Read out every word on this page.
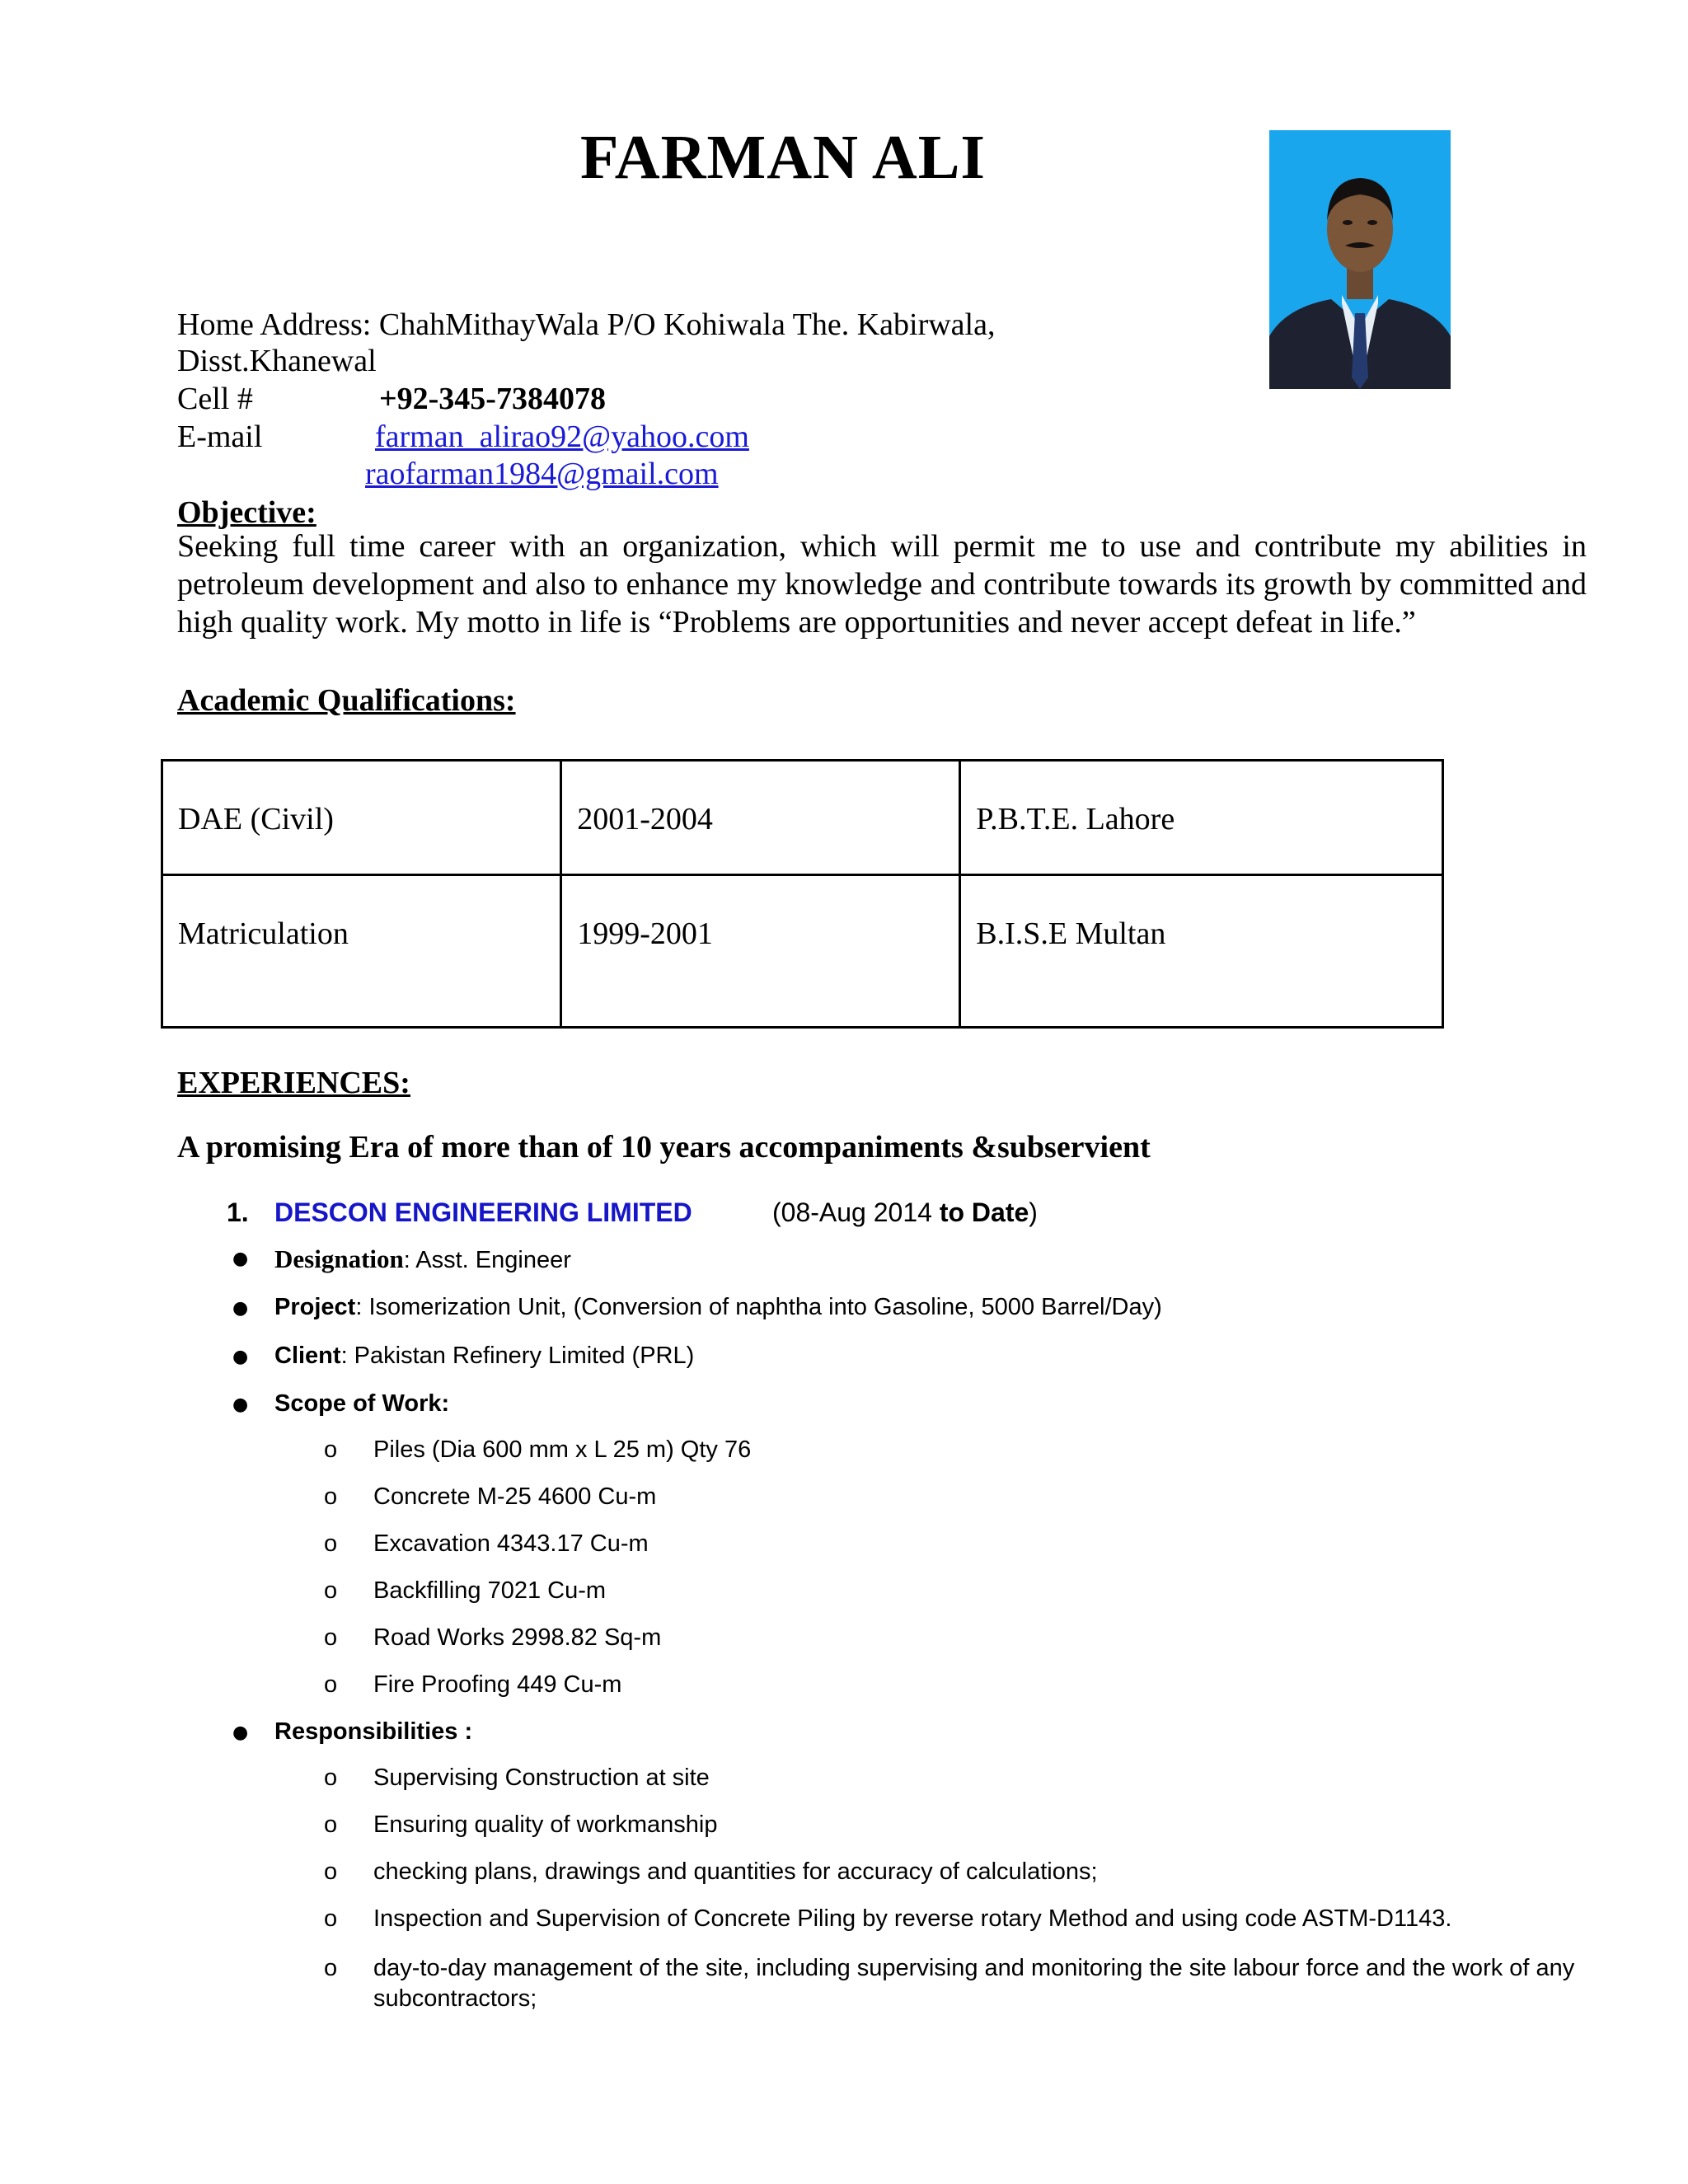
FARMAN ALI
Home Address: ChahMithayWala P/O Kohiwala The. Kabirwala,
Disst.Khanewal
Cell #	+92-345-7384078
E-mail	farman_alirao92@yahoo.com
raofarman1984@gmail.com
Objective:
Seeking full time career with an organization, which will permit me to use and contribute my abilities in petroleum development and also to enhance my knowledge and contribute towards its growth by committed and high quality work. My motto in life is “Problems are opportunities and never accept defeat in life.”
Academic Qualifications:
DAE (Civil)	2001-2004	P.B.T.E. Lahore
Matriculation	1999-2001	B.I.S.E Multan
EXPERIENCES:
A promising Era of more than of 10 years accompaniments &subservient
1. DESCON ENGINEERING LIMITED	(08-Aug 2014 to Date)
● Designation: Asst. Engineer
● Project: Isomerization Unit, (Conversion of naphtha into Gasoline, 5000 Barrel/Day)
● Client: Pakistan Refinery Limited (PRL)
● Scope of Work:
o Piles (Dia 600 mm x L 25 m) Qty 76
o Concrete M-25 4600 Cu-m
o Excavation 4343.17 Cu-m
o Backfilling 7021 Cu-m
o Road Works 2998.82 Sq-m
o Fire Proofing 449 Cu-m
● Responsibilities :
o Supervising Construction at site
o Ensuring quality of workmanship
o checking plans, drawings and quantities for accuracy of calculations;
o Inspection and Supervision of Concrete Piling by reverse rotary Method and using code ASTM-D1143.
o day-to-day management of the site, including supervising and monitoring the site labour force and the work of any subcontractors;
